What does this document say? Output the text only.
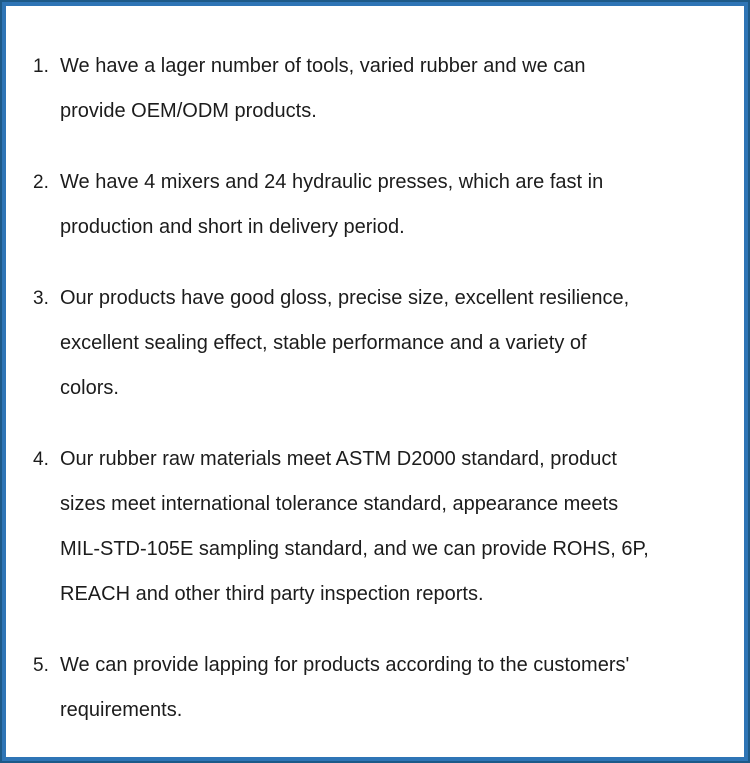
1. We have a lager number of tools, varied rubber and we can
provide OEM/ODM products.
2. We have 4 mixers and 24 hydraulic presses, which are fast in
production and short in delivery period.
3. Our products have good gloss, precise size, excellent resilience,
excellent sealing effect, stable performance and a variety of
colors.
4. Our rubber raw materials meet ASTM D2000 standard, product
sizes meet international tolerance standard, appearance meets
MIL-STD-105E sampling standard, and we can provide ROHS, 6P,
REACH and other third party inspection reports.
5. We can provide lapping for products according to the customers'
requirements.
